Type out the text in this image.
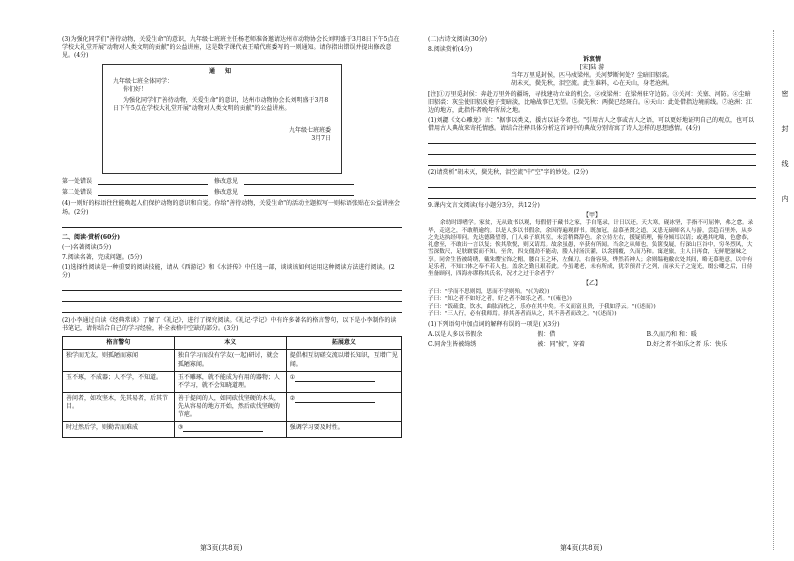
密封线内
(3)为强化同学们"善待动物，关爱生命"的意识，九年级七班班主任杨老师准备邀请达州市动物协会长刘明盛于3月8日下午5点在学校大礼堂开展"动物对人类文明的贡献"的公益讲座，这是数学课代表王晴代班委写的一则通知。请你指出错误并提出修改意见。(4分)
通 知
九年级七班全体同学：
你们好！
为强化同学们"善待动物，关爱生命"的意识，达州市动物协会长刘明盛于3月8日下午5点在学校大礼堂开展"动物对人类文明的贡献"的公益讲座。
九年级七班班委
3月7日
第一处错误	修改意见
第二处错误	修改意见
(4)一则好的标语往往能唤起人们保护动物的意识和自觉。你给"善待动物，关爱生命"的活动主题拟写一则标语张贴在公益讲座会场。(2分)
二、阅读·赏析(60分)
(一)名著阅读(5分)
7.阅读名著，完成问题。(5分)
(1)选择性阅读是一种重要的阅读技能，请从《西游记》和《水浒传》中任选一部，谈谈该如何运用这种阅读方法进行阅读。(2分)
(2)小李通过自读《经典常谈》了解了《礼记》，进行了探究阅读。《礼记·学记》中有许多著名的格言警句，以下是小李制作的读书笔记，请你结合自己的学习经验，补全表格中空缺的部分。(3分)
格言警句	本义	拓展意义
独学而无友，则孤陋而寡闻	独自学习而没有学友(一起)研讨，就会孤陋寡闻。	提倡相互切磋交流以增长知识，互增广见闻。
玉不琢，不成器；人不学，不知道。	玉不雕琢，就不能成为有用的器物；人不学习，就不会知晓道理。	①
善问者，如攻坚木，先其易者，后其节目。	善于提问的人，如同砍伐坚硬的木头，先从容易的地方开始，然后砍伐坚硬的节疤。	②
时过然后学，则勤苦而难成	③	强调学习要及时性。
第3页(共8页)
(二)古诗文阅读(30分)
8.阅读赏析(4分)
诉衷情
[宋]陆 游
当年万里觅封侯，匹马戍梁州。关河梦断何处？尘暗旧貂裘。
胡未灭，鬓先秋，泪空流。此生谁料，心在天山，身老沧洲。
[注]①万里觅封侯：奔赴万里外的疆场，寻找建功立业的机会。②戍梁州：在梁州驻守边防。③关河：关塞、河防。④尘暗旧貂裘：灰尘使旧貂皮袍子变暗淡，比喻战事已无望。⑤鬓先秋：两鬓已经斑白。⑥天山：此处借指边境前线。⑦沧洲：江边的地方，此指作者晚年所居之地。
(1)刘勰《文心雕龙》言："据事以类义，援古以证今者也。"引用古人之事或古人之语，可以更好地证明自己的观点，也可以借用古人典故来寄托情感。请结合注释具体分析这首词中的典故分别寄寓了诗人怎样的思想感情。(4分)
(2)请赏析"胡未灭，鬓先秋，泪空流"中"空"字的妙处。(2分)
9.课内文言文阅读(每小题分3分，共12分)
【甲】
余幼时即嗜学。家贫，无从致书以观，每假借于藏书之家，手自笔录，计日以还。天大寒，砚冰坚，手指不可屈伸，弗之怠。录毕，走送之，不敢稍逾约。以是人多以书假余，余因得遍观群书。既加冠，益慕圣贤之道，又患无硕师名人与游，尝趋百里外，从乡之先达执经叩问。先达德隆望尊，门人弟子填其室，未尝稍降辞色。余立侍左右，援疑质理，俯身倾耳以请；或遇其叱咄，色愈恭，礼愈至，不敢出一言以复；俟其欣悦，则又请焉。故余虽愚，卒获有所闻。当余之从师也，负箧曳屣，行深山巨谷中，穷冬烈风，大雪深数尺，足肤皲裂而不知。至舍，四支僵劲不能动，媵人持汤沃灌，以衾拥覆，久而乃和。寓逆旅，主人日再食，无鲜肥滋味之享。同舍生皆被绮绣，戴朱缨宝饰之帽，腰白玉之环，左佩刀，右备容臭，烨然若神人；余则缊袍敝衣处其间，略无慕艳意，以中有足乐者，不知口体之奉不若人也。盖余之勤且艰若此。今虽耄老，未有所成，犹幸预君子之列，而承天子之宠光，缀公卿之后，日侍坐备顾问，四海亦谬称其氏名，况才之过于余者乎？
【乙】
子曰："学而不思则罔，思而不学则殆。"(《为政》)
子曰："知之者不如好之者，好之者不如乐之者。"(《雍也》)
子曰："饭疏食，饮水，曲肱而枕之，乐亦在其中矣。不义而富且贵，于我如浮云。"(《述而》)
子曰："三人行，必有我师焉。择其善者而从之，其不善者而改之。"(《述而》)
(1)下列语句中加点词的解释有误的一项是( )(3分)
A.以是人多以书假余	假：借	B.久而乃和 和：暖
C.同舍生皆被绮绣	被：同"披"，穿着	D.好之者不如乐之者 乐：快乐
第4页(共8页)
